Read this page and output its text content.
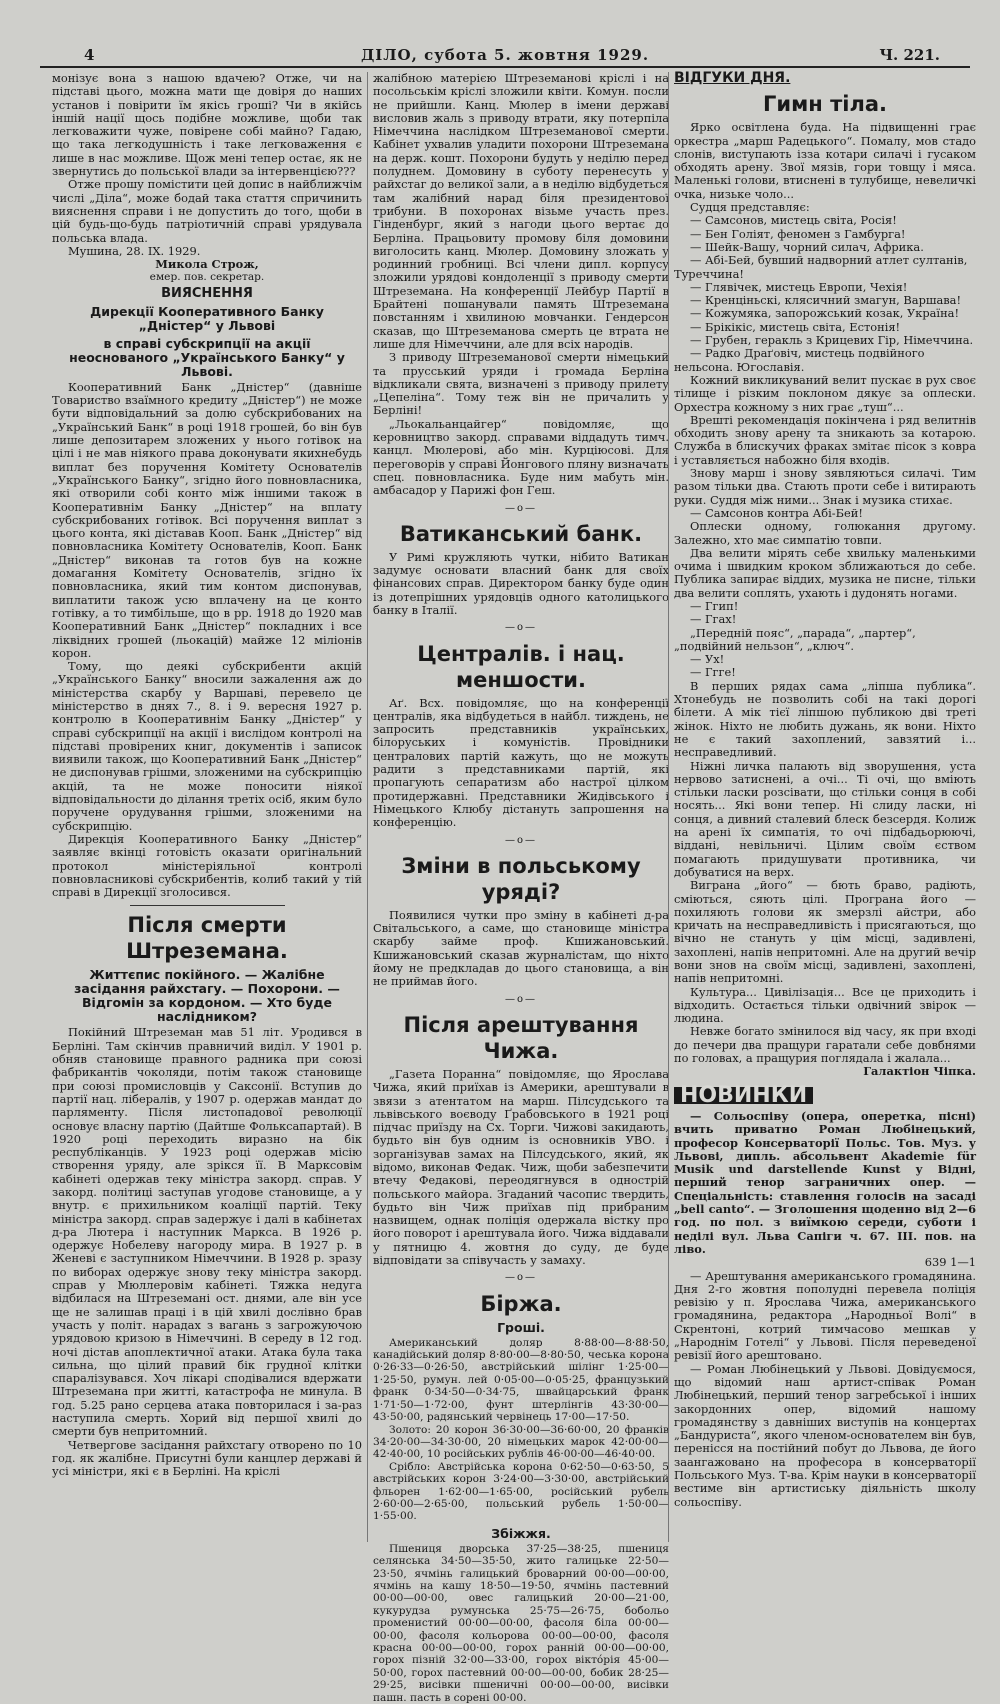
4	ДІЛО, субота 5. жовтня 1929.	Ч. 221.

монізує вона з нашою вдачею? Отже, чи на підставі цього, можна мати ще довіря до наших установ і повірити їм якісь гроші? Чи в якійсь іншій нації щось подібне можливе, щоби так легковажити чуже, повірене собі майно? Гадаю, що така легкодушність і таке легковаження є лише в нас можливе. Щож мені тепер остає, як не звернутись до польської влади за інтервенцією???

Отже прошу помістити цей допис в найближчім числі „Діла“, може бодай така стаття спричинить вияснення справи і не допустить до того, щоби в цій будь-що-будь патріотичній справі урядувала польська влада.

Мушина, 28. IX. 1929.

Микола Строж,

емер. пов. секретар.

ВИЯСНЕННЯ
Дирекції Кооперативного Банку „Дністер“ у Львові
в справі субскрипції на акції неоснованого „Українського Банку“ у Львові.

Кооперативний Банк „Дністер“ (давніше Товариство взаїмного кредиту „Дністер“) не може бути відповідальний за долю субскрибованих на „Український Банк“ в році 1918 грошей, бо він був лише депозитарем зложених у нього готівок на цілі і не мав ніякого права доконувати якихнебудь виплат без поручення Комітету Основателів „Українського Банку“, згідно його повновласника, які отворили собі конто між іншими також в Кооперативнім Банку „Дністер“ на вплату субскрибованих готівок. Всі поручення виплат з цього конта, які діставав Кооп. Банк „Дністер“ від повновласника Комітету Основателів, Кооп. Банк „Дністер“ виконав та готов був на кожне домагання Комітету Основателів, згідно їх повновласника, який тим контом диспонував, виплатити також усю вплачену на це конто готівку, а то тимбільше, що в рр. 1918 до 1920 мав Кооперативний Банк „Дністер“ покладних і все ліквідних грошей (льокацій) майже 12 міліонів корон.

Тому, що деякі субскрибенти акцій „Українського Банку“ вносили зажалення аж до міністерства скарбу у Варшаві, перевело це міністерство в днях 7., 8. і 9. вересня 1927 р. контролю в Кооперативнім Банку „Дністер“ у справі субскрипції на акції і вислідом контролі на підставі провірених книг, документів і записок виявили також, що Кооперативний Банк „Дністер“ не диспонував грішми, зложеними на субскрипцію акцій, та не може поносити ніякої відповідальности до ділання третіх осіб, яким було поручене орудування грішми, зложеними на субскрипцію.

Дирекція Кооперативного Банку „Дністер“ заявляє вкінці готовість оказати оригінальний протокол міністеріяльної контролі повновласникові субскрибентів, колиб такий у тій справі в Дирекції зголосився.

Після смерти Штреземана.
Життєпис покійного. — Жалібне засідання райхстагу. — Похорони. — Відгомін за кордоном. — Хто буде наслідником?

Покійний Штреземан мав 51 літ. Уродився в Берліні. Там скінчив правничий виділ. У 1901 р. обняв становище правного радника при союзі фабрикантів чоколяди, потім також становище при союзі промисловців у Саксонії. Вступив до партії нац. лібералів, у 1907 р. одержав мандат до парляменту. Після листопадової революції основує власну партію (Дайтше Фольксапартай). В 1920 році переходить виразно на бік республіканців. У 1923 році одержав місію створення уряду, але зрікся її. В Марксовім кабінеті одержав теку міністра закорд. справ. У закорд. політиці заступав угодове становище, а у внутр. є прихильником коаліції партій. Теку міністра закорд. справ задержує і далі в кабінетах д-ра Лютера і наступник Маркса. В 1926 р. одержує Нобелеву нагороду мира. В 1927 р. в Женеві є заступником Німеччини. В 1928 р. зразу по виборах одержує знову теку міністра закорд. справ у Мюллеровім кабінеті. Тяжка недуга відбилася на Штреземані ост. днями, але він усе ще не залишав праці і в цій хвилі дослівно брав участь у політ. нарадах з вагань з загрожуючою урядовою кризою в Німеччині. В середу в 12 год. ночі дістав апоплектичної атаки. Атака була така сильна, що цілий правий бік грудної клітки спаралізувався. Хоч лікарі сподівалися вдержати Штреземана при житті, катастрофа не минула. В год. 5.25 рано серцева атака повторилася і за-раз наступила смерть. Хорий від першої хвилі до смерти був непритомний.

Четвергове засідання райхстагу отворено по 10 год. як жалібне. Присутні були канцлер державі й усі міністри, які є в Берліні. На кріслі

жалібною матерією Штреземанові кріслі і на посольськім кріслі зложили квіти. Комун. посли не прийшли. Канц. Мюлер в імени державі висловив жаль з приводу втрати, яку потерпіла Німеччина наслідком Штреземанової смерти. Кабінет ухвалив уладити похорони Штреземана на держ. кошт. Похорони будуть у неділю перед полуднем. Домовину в суботу перенесуть у райхстаг до великої зали, а в неділю відбудеться там жалібний нарад біля президентової трибуни. В похоронах візьме участь през. Гінденбург, який з нагоди цього вертає до Берліна. Працьовиту промову біля домовини виголосить канц. Мюлер. Домовину зложать у родинний гробниці. Всі члени дипл. корпусу зложили урядові кондоленції з приводу смерти Штреземана. На конференції Лейбур Партії в Брайтені пошанували память Штреземана повстанням і хвилиною мовчанки. Гендерсон сказав, що Штреземанова смерть це втрата не лише для Німеччини, але для всіх народів.

З приводу Штреземанової смерти німецький та прусський уряди і громада Берліна відкликали свята, визначені з приводу прилету „Цепеліна“. Тому теж він не причалить у Берліні!

„Льокальанцайгер“ повідомляє, що керовництво закорд. справами віддадуть тимч. канцл. Мюлерові, або мін. Курціюсові. Для переговорів у справі Йонгового пляну визначать спец. повновласника. Буде ним мабуть мін. амбасадор у Парижі фон Геш.

—о—
Ватиканський банк.

У Римі кружляють чутки, нібито Ватикан задумує основати власний банк для своїх фінансових справ. Директором банку буде один із дотепрішних урядовців одного католицького банку в Італії.

—о—
Централів. і нац. меншости.

Аґ. Всх. повідомляє, що на конференції централів, яка відбудеться в найбл. тиждень, не запросить представників українських, білоруських і комуністів. Провідники централових партій кажуть, що не можуть радити з представниками партій, які пропагують сепаратизм або настрої цілком протидержавні. Представники Жидівського і Німецького Клюбу дістануть запрошення на конференцію.

—о—
Зміни в польському уряді?

Появилися чутки про зміну в кабінеті д-ра Світальського, а саме, що становище міністра скарбу займе проф. Кшижановський. Кшижановський сказав журналістам, що ніхто йому не предкладав до цього становища, а він не приймав його.

—о—
Після арештування Чижа.

„Газета Поранна“ повідомляє, що Ярослава Чижа, який приїхав із Америки, арештували в звязи з атентатом на марш. Пілсудського та львівського воєводу Ґрабовського в 1921 році підчас приїзду на Сх. Торги. Чижові закидають, будьто він був одним із основників УВО. і зорганізував замах на Пілсудського, який, як відомо, виконав Федак. Чиж, щоби забезпечити втечу Федакові, переодягнувся в однострій польського майора. Згаданий часопис твердить, будьто він Чиж приїхав під прибраним назвищем, однак поліція одержала вістку про його поворот і арештувала його. Чижа віддавали у пятницю 4. жовтня до суду, де буде відповідати за співучасть у замаху.

—о—
Біржа.
Гроші.

Американський доляр 8·88·00—8·88·50, канадійський доляр 8·80·00—8·80·50, чеська корона 0·26·33—0·26·50, австрійський шілінг 1·25·00—1·25·50, румун. лей 0·05·00—0·05·25, французький франк 0·34·50—0·34·75, швайцарський франк 1·71·50—1·72·00, фунт штерлінгів 43·30·00—43·50·00, радянський червінець 17·00—17·50.

Золото: 20 корон 36·30·00—36·60·00, 20 франків 34·20·00—34·30·00, 20 німецьких марок 42·00·00—42·40·00, 10 російських рублів 46·00·00—46·40·00.

Срібло: Австрійська корона 0·62·50—0·63·50, 5 австрійських корон 3·24·00—3·30·00, австрійський фльорен 1·62·00—1·65·00, російський рубель 2·60·00—2·65·00, польський рубель 1·50·00—1·55·00.

Збіжжя.

Пшениця дворська 37·25—38·25, пшениця селянська 34·50—35·50, жито галицьке 22·50—23·50, ячмінь галицький броварний 00·00—00·00, ячмінь на кашу 18·50—19·50, ячмінь пастевний 00·00—00·00, овес галицький 20·00—21·00, кукурудза румунська 25·75—26·75, бобольо променистий 00·00—00·00, фасоля біла 00·00—00·00, фасоля кольорова 00·00—00·00, фасоля красна 00·00—00·00, горох ранній 00·00—00·00, горох пізній 32·00—33·00, горох віктóрія 45·00—50·00, горох пастевний 00·00—00·00, бобик 28·25—29·25, висівки пшеничні 00·00—00·00, висівки пашн. пасть в сорені 00·00.

ВІДГУКИ ДНЯ.
Гимн тіла.

Ярко освітлена буда. На підвищенні грає оркестра „марш Радецького“. Помалу, мов стадо слонів, виступають ізза котари силачі і гусаком обходять арену. Звої мязів, гори товщу і мяса. Маленькі голови, втиснені в тулубище, невеличкі очка, низьке чоло...

Судця представляє:

— Самсонов, мистець світа, Росія!

— Бен Голіят, феномен з Гамбурга!

— Шейк-Вашу, чорний силач, Африка.

— Абі-Бей, бувший надворний атлет султанів, Туреччина!

— Глявічек, мистець Европи, Чехія!

— Кренціньскі, клясичний змагун, Варшава!

— Кожумяка, запорожський козак, Україна!

— Брікікіс, мистець світа, Естонія!

— Грубен, геракль з Крицевих Гір, Німеччина.

— Радко Драґовіч, мистець подвійного нельсона. Югославія.

Кожний викликуваний велит пускає в рух своє тілище і різким поклоном дякує за оплески. Орхестра кожному з них грає „туш“...

Врешті рекомендація покінчена і ряд велитнів обходить знову арену та зникають за котарою. Служба в блискучих фраках змітає пісок з ковра і уставляється набожно біля входів.

Знову марш і знову зявляються силачі. Тим разом тільки два. Стають проти себе і витирають руки. Суддя між ними... Знак і музика стихає.

— Самсонов контра Абі-Бей!

Оплески одному, голюкання другому. Залежно, хто має симпатію товпи.

Два велити мірять себе хвильку маленькими очима і швидким кроком зближаються до себе. Публика запирає віддих, музика не писне, тільки два велити соплять, ухають і дудонять ногами.

— Ггип!

— Ггах!

„Передній пояс“, „парада“, „партер“, „подвійний нельзон“, „ключ“.

— Ух!

— Ггге!

В перших рядах сама „ліпша публика“. Хтонебудь не позволить собі на такі дорогі білети. А мік тієї ліпшою публикою дві треті жінок. Ніхто не любить дужань, як вони. Ніхто не є такий захоплений, завзятий і... несправедливий.

Ніжні личка палають від зворушення, уста нервово затиснені, а очі... Ті очі, що вміють стільки ласки розсівати, що стільки сонця в собі носять... Які вони тепер. Ні слиду ласки, ні сонця, а дивний сталевий блеск безсердя. Колиж на арені їх симпатія, то очі підбадьорюючі, віддані, невільничі. Цілим своїм єством помагають придушувати противника, чи добуватися на верх.

Виграна „його“ — бють браво, радіють, сміються, сяють цілі. Програна його — похиляють голови як змерзлі айстри, або кричать на несправедливість і присягаються, що вічно не стануть у цім місці, задивлені, захоплені, напів непритомні. Але на другий вечір вони знов на своїм місці, задивлені, захоплені, напів непритомні.

Культура... Цивілізація... Все це приходить і відходить. Остається тільки одвічний звірок — людина.

Невже богато змінилося від часу, як при вході до печери два пращури гаратали себе довбнями по головах, а пращурия поглядала і жалала...

Галактіон Чіпка.

НОВИНКИ

— Сольоспіву (опера, оперетка, пісні) вчить приватно Роман Любінецький, професор Консерваторії Польс. Тов. Муз. у Львові, дипль. абсольвент Akademie für Musik und darstellende Kunst у Відні, перший тенор заграничних опер. — Спеціальність: ставлення голосів на засаді „bell canto“. — Зголошення щоденно від 2—6 год. по пол. з виїмкою середи, суботи і неділі вул. Льва Сапіги ч. 67. ІІІ. пов. на ліво.

639 1—1

— Арештування американського громадянина. Дня 2-го жовтня пополудні перевела поліція ревізію у п. Ярослава Чижа, американського громадянина, редактора „Народньої Волі“ в Скрентоні, котрий тимчасово мешкав у „Народнім Готелі“ у Львові. Після переведеної ревізії його арештовано.

— Роман Любінецький у Львові. Довідуємося, що відомий наш артист-співак Роман Любінецький, перший тенор загребської і інших закордонних опер, відомий нашому громадянству з давніших виступів на концертах „Бандуриста“, якого членом-основателем він був, перенісся на постійний побут до Львова, де його заангажовано на професора в консерваторії Польського Муз. Т-ва. Крім науки в консерваторії вестиме він артистиську діяльність школу сольоспіву.
